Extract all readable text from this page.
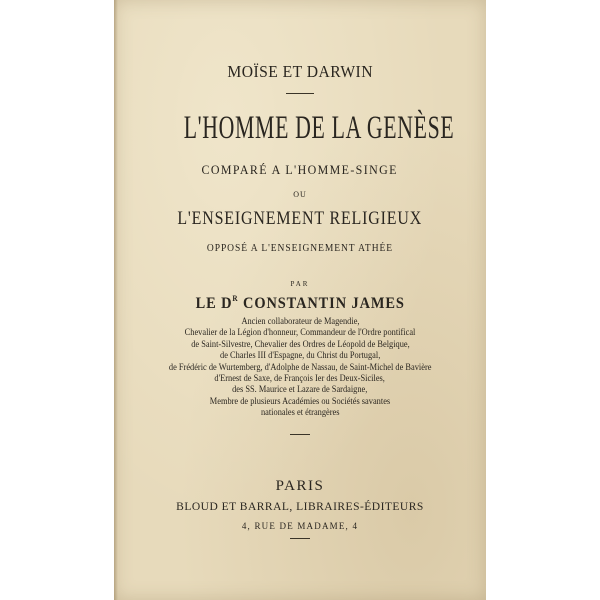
MOÏSE ET DARWIN
L'HOMME DE LA GENÈSE
COMPARÉ A L'HOMME-SINGE
OU
L'ENSEIGNEMENT RELIGIEUX
OPPOSÉ A L'ENSEIGNEMENT ATHÉE
PAR
LE $D^R$ CONSTANTIN JAMES
Ancien collaborateur de Magendie,
Chevalier de la Légion d'honneur, Commandeur de l'Ordre pontifical
de Saint-Silvestre, Chevalier des Ordres de Léopold de Belgique,
de Charles III d'Espagne, du Christ du Portugal,
de Frédéric de Wurtemberg, d'Adolphe de Nassau, de Saint-Michel de Bavière
d'Ernest de Saxe, de François Ier des Deux-Siciles,
des SS. Maurice et Lazare de Sardaigne,
Membre de plusieurs Académies ou Sociétés savantes
nationales et étrangères
PARIS
BLOUD ET BARRAL, LIBRAIRES-ÉDITEURS
4, RUE DE MADAME, 4
